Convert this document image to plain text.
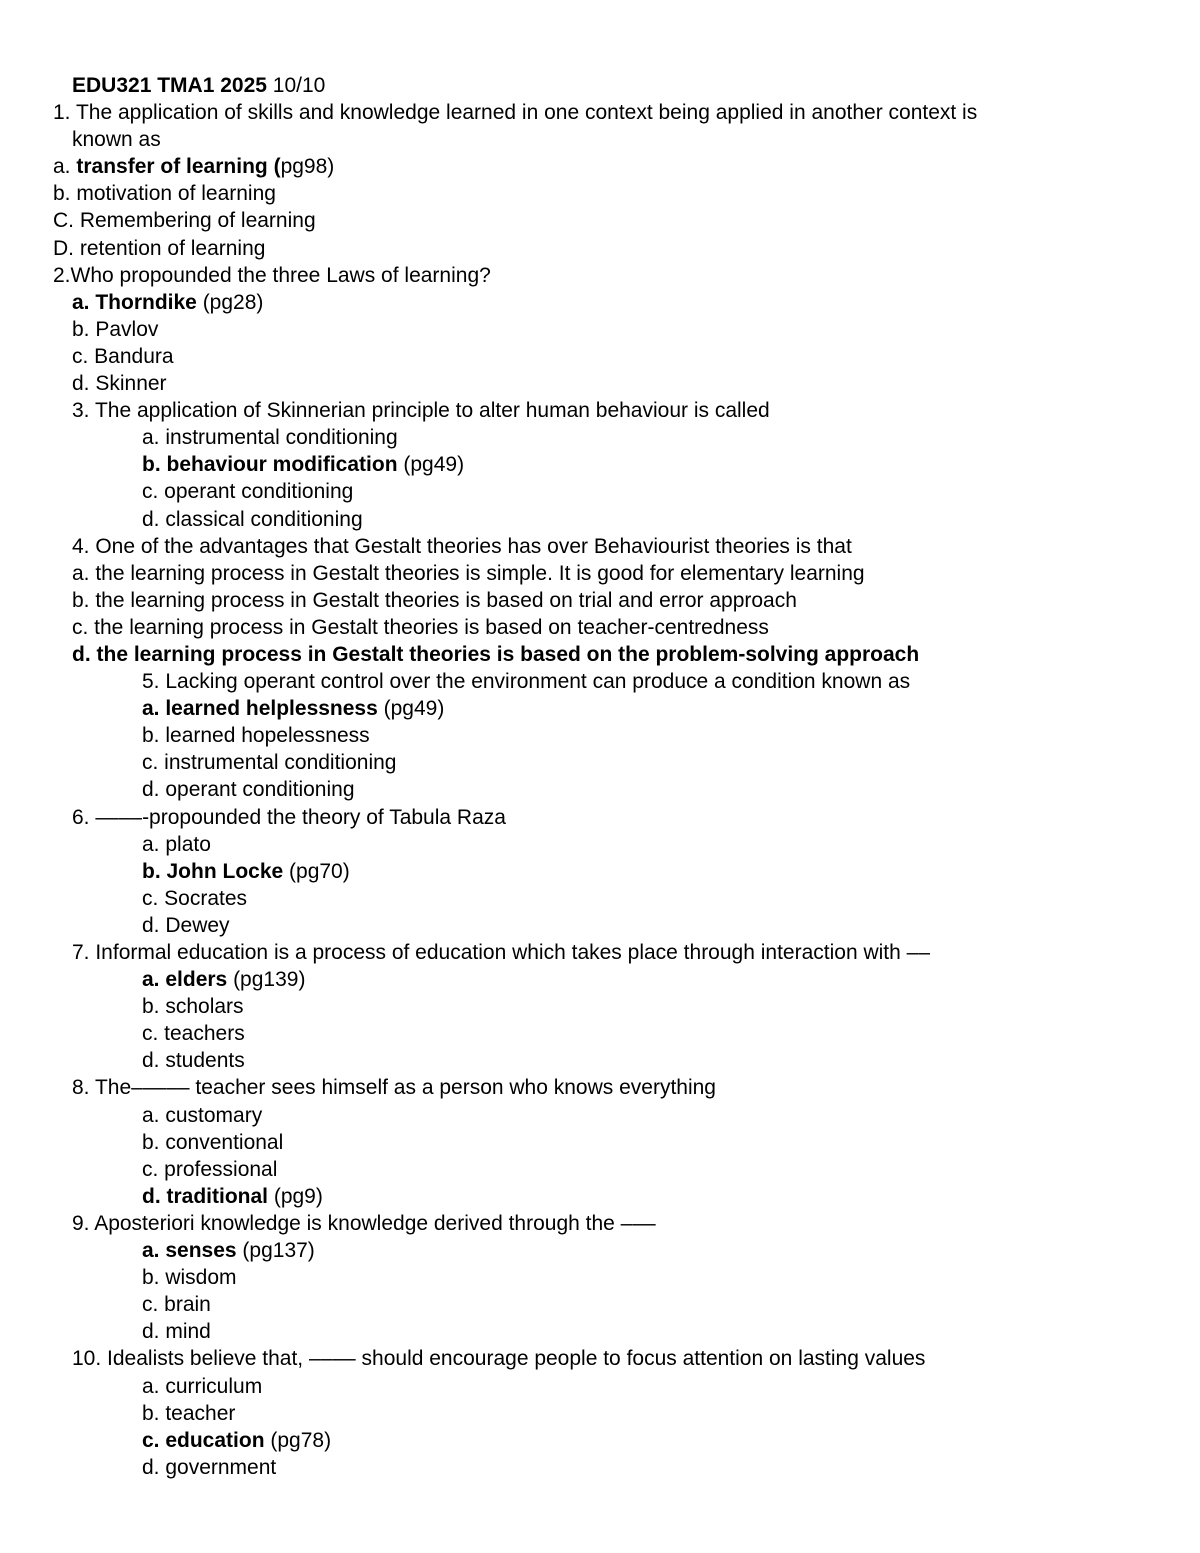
EDU321 TMA1 2025 10/10
1. The application of skills and knowledge learned in one context being applied in another context is
known as
a. transfer of learning (pg98)
b. motivation of learning
C. Remembering of learning
D. retention of learning
2.Who propounded the three Laws of learning?
a. Thorndike (pg28)
b. Pavlov
c. Bandura
d. Skinner
3. The application of Skinnerian principle to alter human behaviour is called
a. instrumental conditioning
b. behaviour modification (pg49)
c. operant conditioning
d. classical conditioning
4. One of the advantages that Gestalt theories has over Behaviourist theories is that
a. the learning process in Gestalt theories is simple. It is good for elementary learning
b. the learning process in Gestalt theories is based on trial and error approach
c. the learning process in Gestalt theories is based on teacher-centredness
d. the learning process in Gestalt theories is based on the problem-solving approach
5. Lacking operant control over the environment can produce a condition known as
a. learned helplessness (pg49)
b. learned hopelessness
c. instrumental conditioning
d. operant conditioning
6. ––––-propounded the theory of Tabula Raza
a. plato
b. John Locke (pg70)
c. Socrates
d. Dewey
7. Informal education is a process of education which takes place through interaction with ––
a. elders (pg139)
b. scholars
c. teachers
d. students
8. The––––– teacher sees himself as a person who knows everything
a. customary
b. conventional
c. professional
d. traditional (pg9)
9. Aposteriori knowledge is knowledge derived through the –––
a. senses (pg137)
b. wisdom
c. brain
d. mind
10. Idealists believe that, –––– should encourage people to focus attention on lasting values
a. curriculum
b. teacher
c. education (pg78)
d. government
